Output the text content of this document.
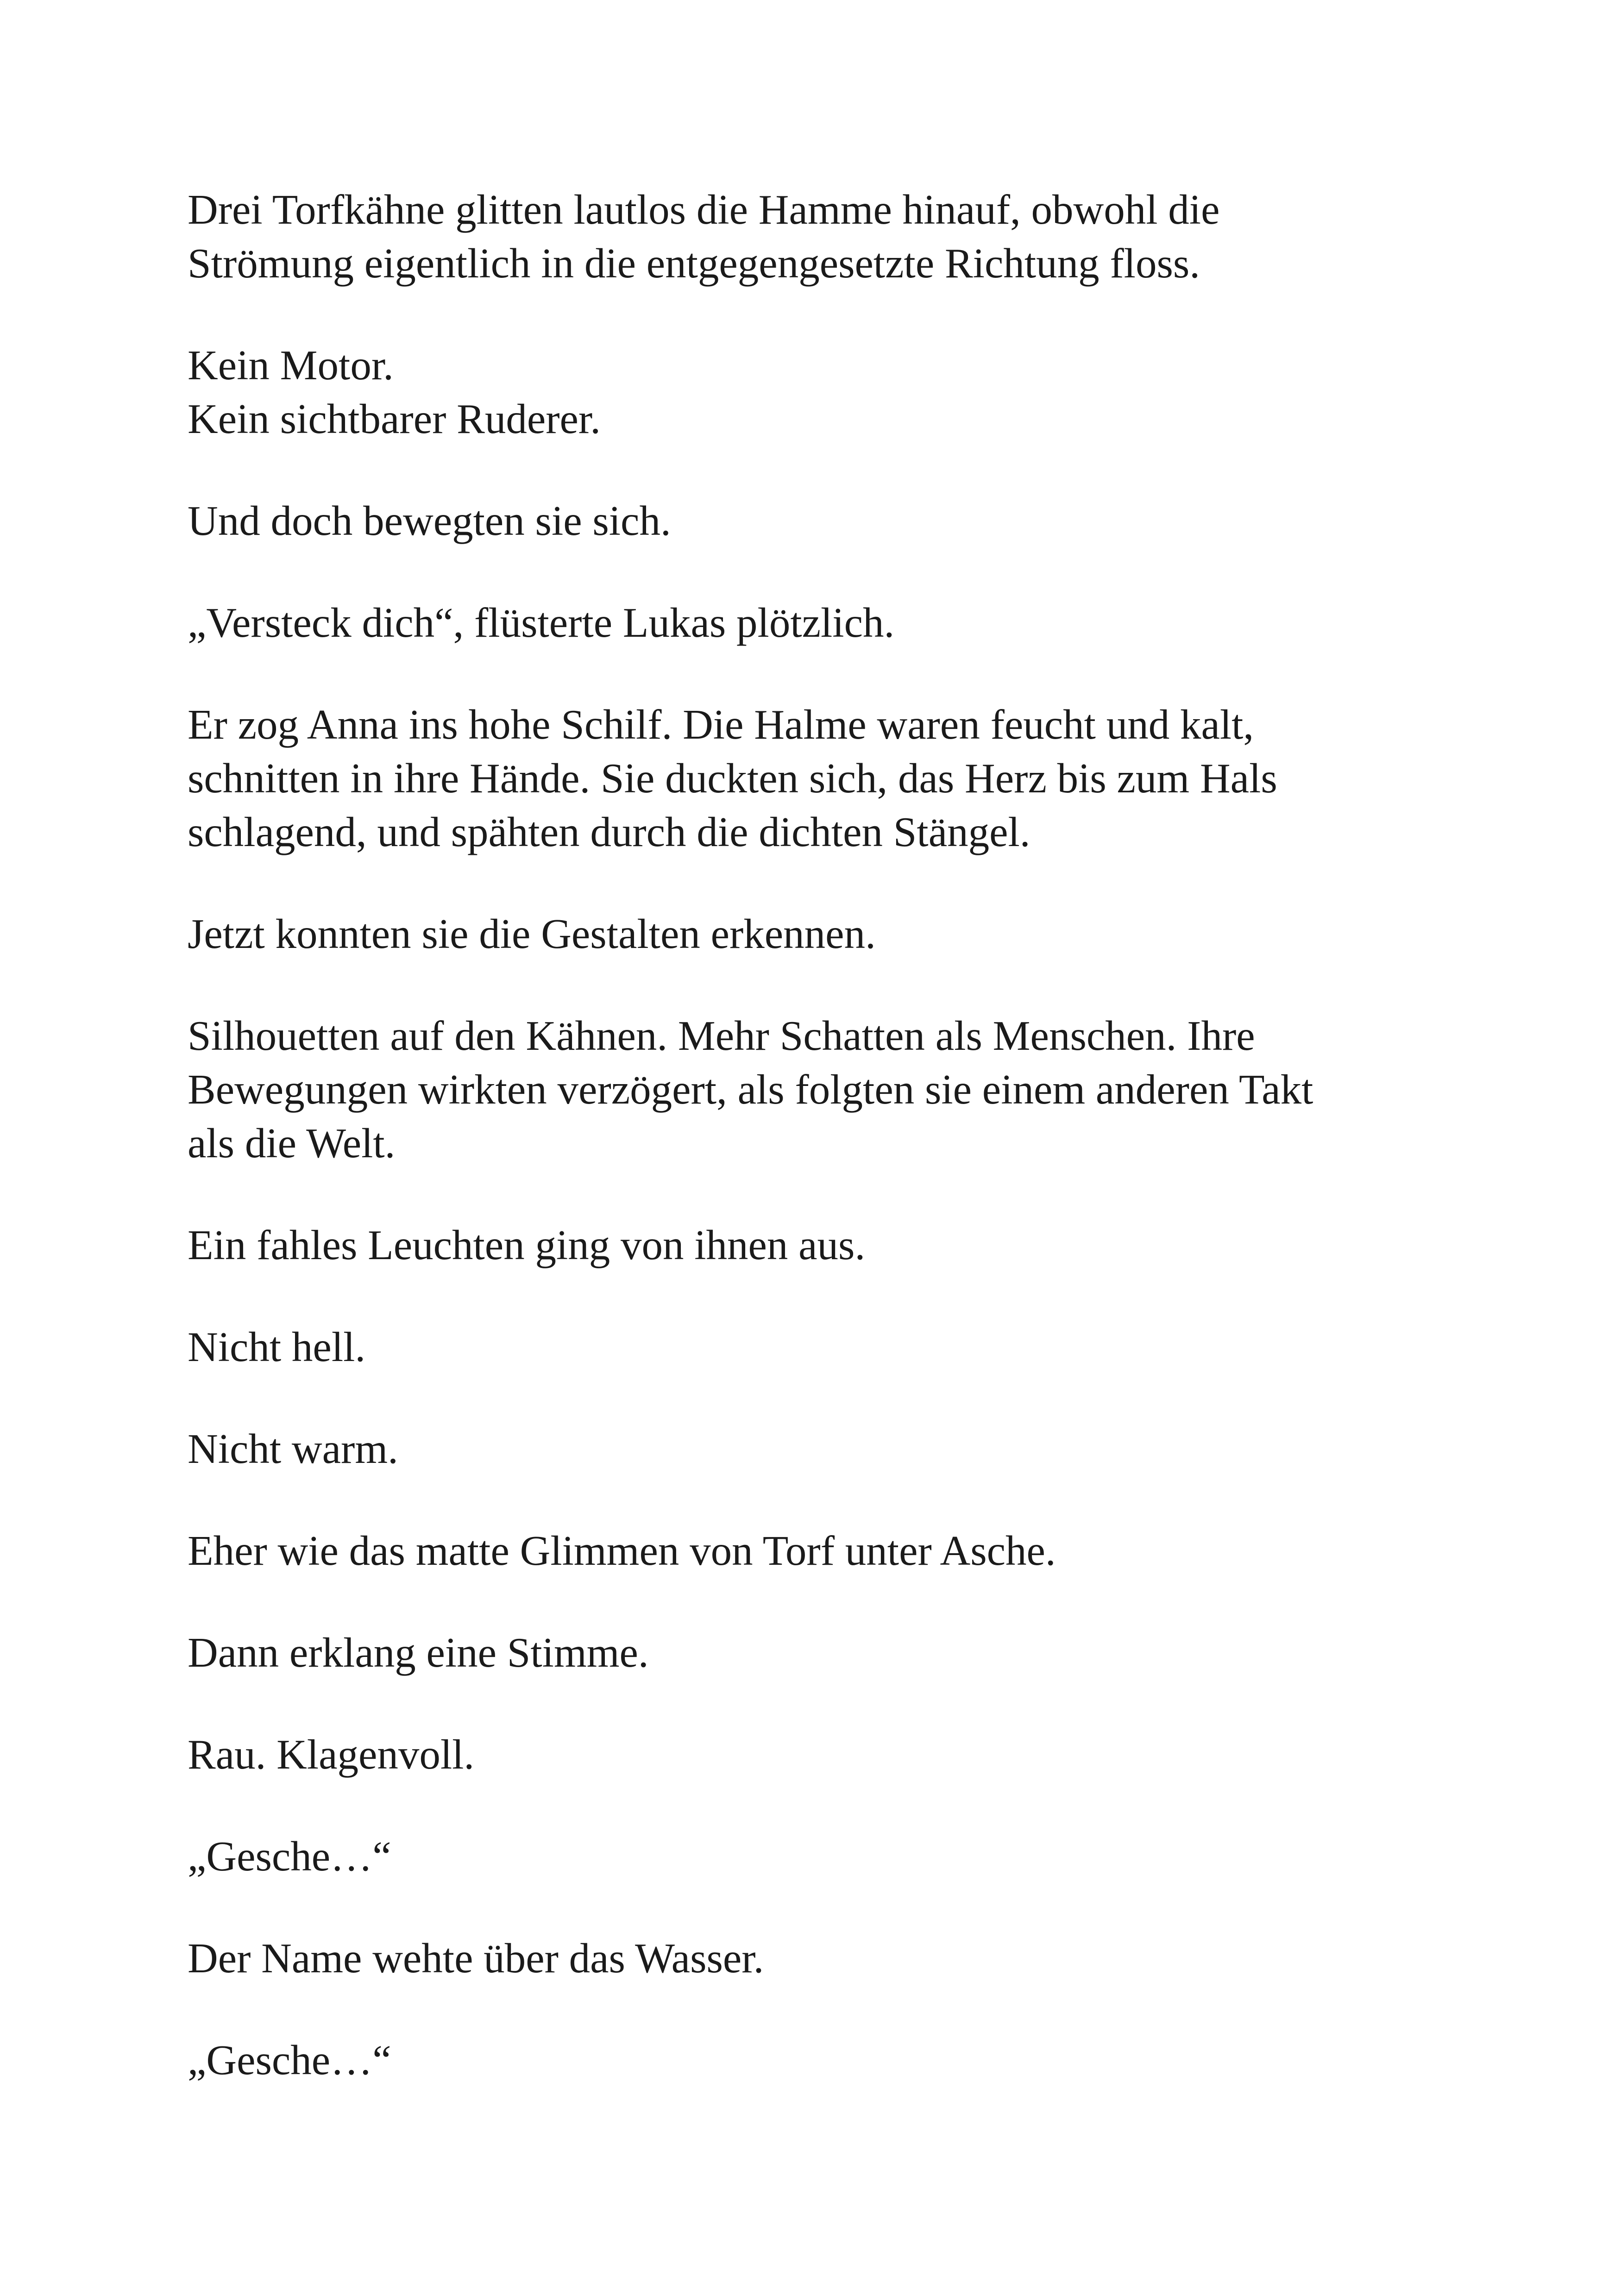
Drei Torfkähne glitten lautlos die Hamme hinauf, obwohl die
Strömung eigentlich in die entgegengesetzte Richtung floss.

Kein Motor.
Kein sichtbarer Ruderer.

Und doch bewegten sie sich.

„Versteck dich“, flüsterte Lukas plötzlich.

Er zog Anna ins hohe Schilf. Die Halme waren feucht und kalt,
schnitten in ihre Hände. Sie duckten sich, das Herz bis zum Hals
schlagend, und spähten durch die dichten Stängel.

Jetzt konnten sie die Gestalten erkennen.

Silhouetten auf den Kähnen. Mehr Schatten als Menschen. Ihre
Bewegungen wirkten verzögert, als folgten sie einem anderen Takt
als die Welt.

Ein fahles Leuchten ging von ihnen aus.

Nicht hell.

Nicht warm.

Eher wie das matte Glimmen von Torf unter Asche.

Dann erklang eine Stimme.

Rau. Klagenvoll.

„Gesche…“

Der Name wehte über das Wasser.

„Gesche…“
